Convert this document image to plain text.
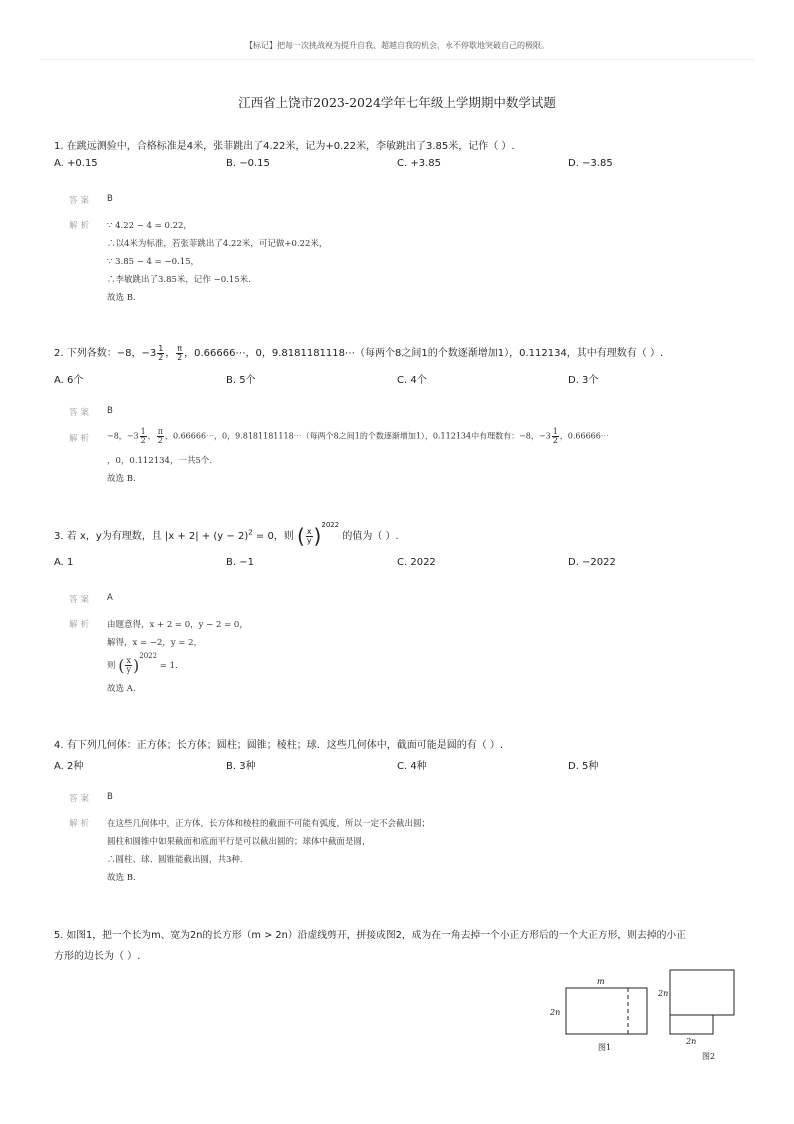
【标记】把每一次挑战视为提升自我、超越自我的机会，永不停歇地突破自己的极限。
江西省上饶市2023-2024学年七年级上学期期中数学试题
1. 在跳远测验中，合格标准是4米，张菲跳出了4.22米，记为+0.22米，李敏跳出了3.85米，记作（ ）.
A. +0.15	B. −0.15	C. +3.85	D. −3.85
答案 B
解析 ∵ 4.22 − 4 = 0.22，
∴以4米为标准，若张菲跳出了4.22米，可记做+0.22米，
∵ 3.85 − 4 = −0.15，
∴李敏跳出了3.85米，记作 −0.15米.
故选 B.
2. 下列各数：−8，$-3 \frac{1}{2}$ ， $\frac{\pi}{2}$ ，0.66666⋯，0，9.8181181118⋯（每两个8之间1的个数逐渐增加1），0.112134，其中有理数有（ ）.
A. 6个	B. 5个	C. 4个	D. 3个
答案 B
解析 −8，$-3 \frac{1}{2}$ ， $\frac{\pi}{2}$ ，0.66666⋯，0，9.8181181118⋯（每两个8之间1的个数逐渐增加1），0.112134中有理数有：−8，$-3 \frac{1}{2}$ ，0.66666⋯
，0，0.112134，一共5个.
故选 B.
3. 若 x，y为有理数，且 $|x + 2| + (y - 2)^2 = 0$，则 ( $\frac{x}{y} )^{2022}$ 的值为（ ）.
A. 1	B. −1	C. 2022	D. −2022
答案 A
解析 由题意得，x + 2 = 0，y − 2 = 0，
解得，x = −2，y = 2，
则 ( $\frac{x}{y} )^{2022} = 1$.
故选 A.
4. 有下列几何体：正方体；长方体；圆柱；圆锥；棱柱；球．这些几何体中，截面可能是圆的有（ ）.
A. 2种	B. 3种	C. 4种	D. 5种
答案 B
解析 在这些几何体中，正方体，长方体和棱柱的截面不可能有弧度，所以一定不会截出圆；
圆柱和圆锥中如果截面和底面平行是可以截出圆的；球体中截面是圆，
∴圆柱、球、圆锥能截出圆，共3种.
故选 B.
5. 如图1，把一个长为m、宽为2n的长方形（m > 2n）沿虚线剪开，拼接成图2，成为在一角去掉一个小正方形后的一个大正方形，则去掉的小正
方形的边长为（ ）.
m
2n
图1
2n
2n
图2
